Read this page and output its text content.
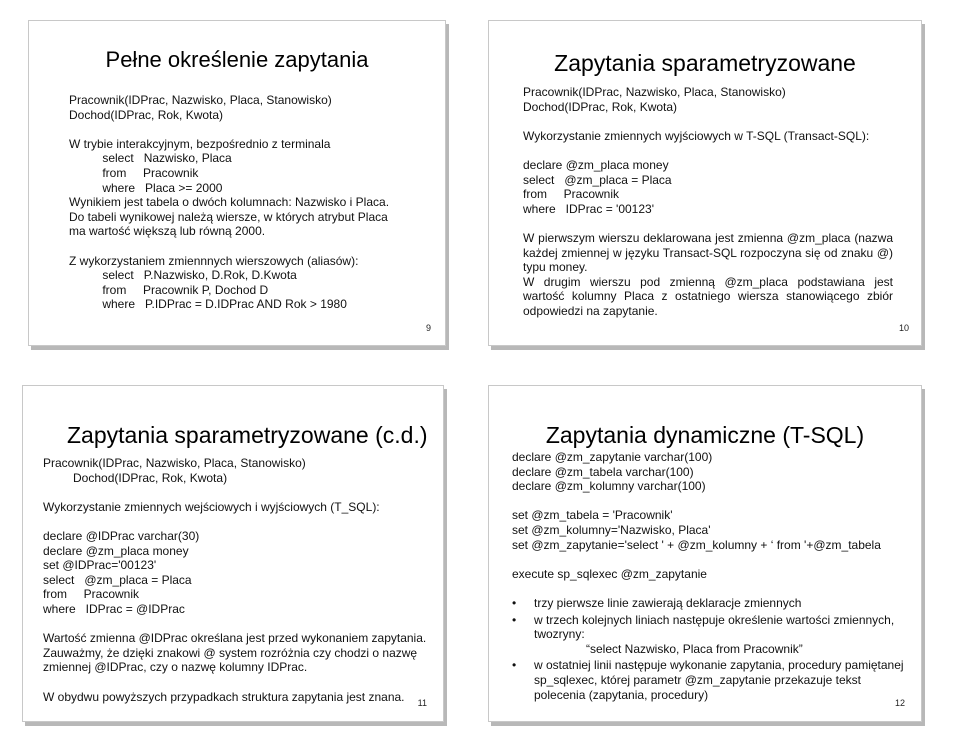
Pełne określenie zapytania
Pracownik(IDPrac, Nazwisko, Placa, Stanowisko)
Dochod(IDPrac, Rok, Kwota)
W trybie interakcyjnym, bezpośrednio z terminala
select   Nazwisko, Placa
from     Pracownik
where   Placa >= 2000
Wynikiem jest tabela o dwóch kolumnach: Nazwisko i Placa.
Do tabeli wynikowej należą wiersze, w których atrybut Placa
ma wartość większą lub równą 2000.
Z wykorzystaniem zmiennnych wierszowych (aliasów):
select   P.Nazwisko, D.Rok, D.Kwota
from     Pracownik P, Dochod D
where   P.IDPrac = D.IDPrac AND Rok > 1980
9
Zapytania sparametryzowane
Pracownik(IDPrac, Nazwisko, Placa, Stanowisko)
Dochod(IDPrac, Rok, Kwota)
Wykorzystanie zmiennych wyjściowych w T-SQL (Transact-SQL):
declare @zm_placa money
select   @zm_placa = Placa
from     Pracownik
where   IDPrac = '00123'
W pierwszym wierszu deklarowana jest zmienna @zm_placa (nazwa każdej zmiennej w języku Transact-SQL rozpoczyna się od znaku @) typu money.
W drugim wierszu pod zmienną @zm_placa podstawiana jest wartość kolumny Placa z ostatniego wiersza stanowiącego zbiór odpowiedzi na zapytanie.
10
Zapytania sparametryzowane (c.d.)
Pracownik(IDPrac, Nazwisko, Placa, Stanowisko)
Dochod(IDPrac, Rok, Kwota)
Wykorzystanie zmiennych wejściowych i wyjściowych (T_SQL):
declare @IDPrac varchar(30)
declare @zm_placa money
set @IDPrac='00123'
select   @zm_placa = Placa
from     Pracownik
where   IDPrac = @IDPrac
Wartość zmienna @IDPrac określana jest przed wykonaniem zapytania.
Zauważmy, że dzięki znakowi @ system rozróżnia czy chodzi o nazwę
zmiennej @IDPrac, czy o nazwę kolumny IDPrac.
W obydwu powyższych przypadkach struktura zapytania jest znana.	11
Zapytania dynamiczne (T-SQL)
declare @zm_zapytanie varchar(100)
declare @zm_tabela varchar(100)
declare @zm_kolumny varchar(100)
set @zm_tabela = 'Pracownik'
set @zm_kolumny='Nazwisko, Placa'
set @zm_zapytanie='select ' + @zm_kolumny + ‘ from '+@zm_tabela
execute sp_sqlexec @zm_zapytanie
• trzy pierwsze linie zawierają deklaracje zmiennych
• w trzech kolejnych liniach następuje określenie wartości zmiennych, twozryny:
“select Nazwisko, Placa from Pracownik”
• w ostatniej linii następuje wykonanie zapytania, procedury pamiętanej sp_sqlexec, której parametr @zm_zapytanie przekazuje tekst polecenia (zapytania, procedury)
12
